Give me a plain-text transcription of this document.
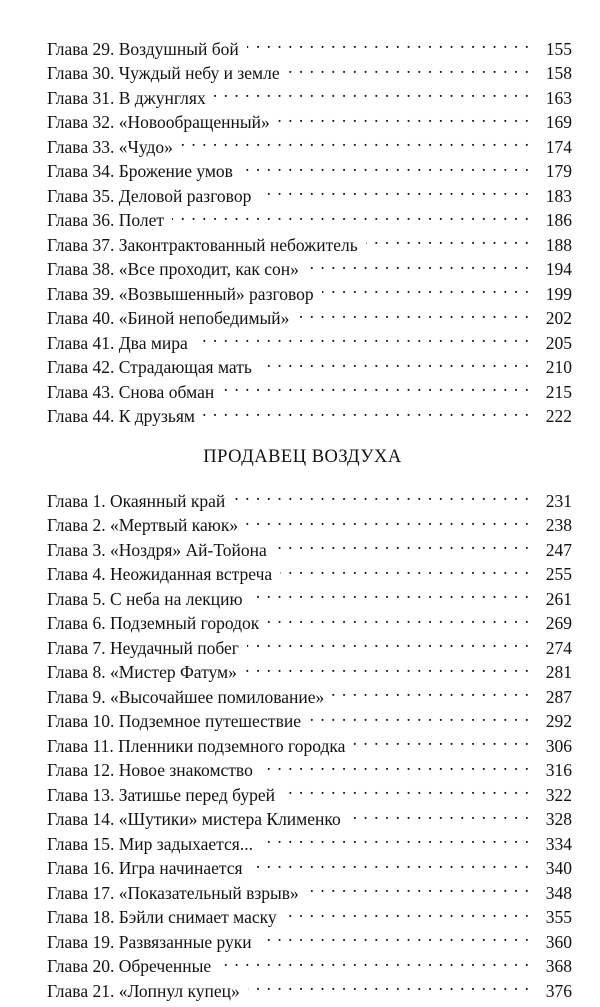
Глава 29. Воздушный бой . . .	155
Глава 30. Чуждый небу и земле . . .	158
Глава 31. В джунглях . . .	163
Глава 32. «Новообращенный» . . .	169
Глава 33. «Чудо» . . .	174
Глава 34. Брожение умов . . .	179
Глава 35. Деловой разговор . . .	183
Глава 36. Полет . . .	186
Глава 37. Законтрактованный небожитель . . .	188
Глава 38. «Все проходит, как сон» . . .	194
Глава 39. «Возвышенный» разговор . . .	199
Глава 40. «Биной непобедимый» . . .	202
Глава 41. Два мира . . .	205
Глава 42. Страдающая мать . . .	210
Глава 43. Снова обман . . .	215
Глава 44. К друзьям . . .	222
ПРОДАВЕЦ ВОЗДУХА
Глава 1. Окаянный край . . .	231
Глава 2. «Мертвый каюк» . . .	238
Глава 3. «Ноздря» Ай-Тойона . . .	247
Глава 4. Неожиданная встреча . . .	255
Глава 5. С неба на лекцию . . .	261
Глава 6. Подземный городок . . .	269
Глава 7. Неудачный побег . . .	274
Глава 8. «Мистер Фатум» . . .	281
Глава 9. «Высочайшее помилование» . . .	287
Глава 10. Подземное путешествие . . .	292
Глава 11. Пленники подземного городка . . .	306
Глава 12. Новое знакомство . . .	316
Глава 13. Затишье перед бурей . . .	322
Глава 14. «Шутики» мистера Клименко . . .	328
Глава 15. Мир задыхается... . . .	334
Глава 16. Игра начинается . . .	340
Глава 17. «Показательный взрыв» . . .	348
Глава 18. Бэйли снимает маску . . .	355
Глава 19. Развязанные руки . . .	360
Глава 20. Обреченные . . .	368
Глава 21. «Лопнул купец» . . .	376
